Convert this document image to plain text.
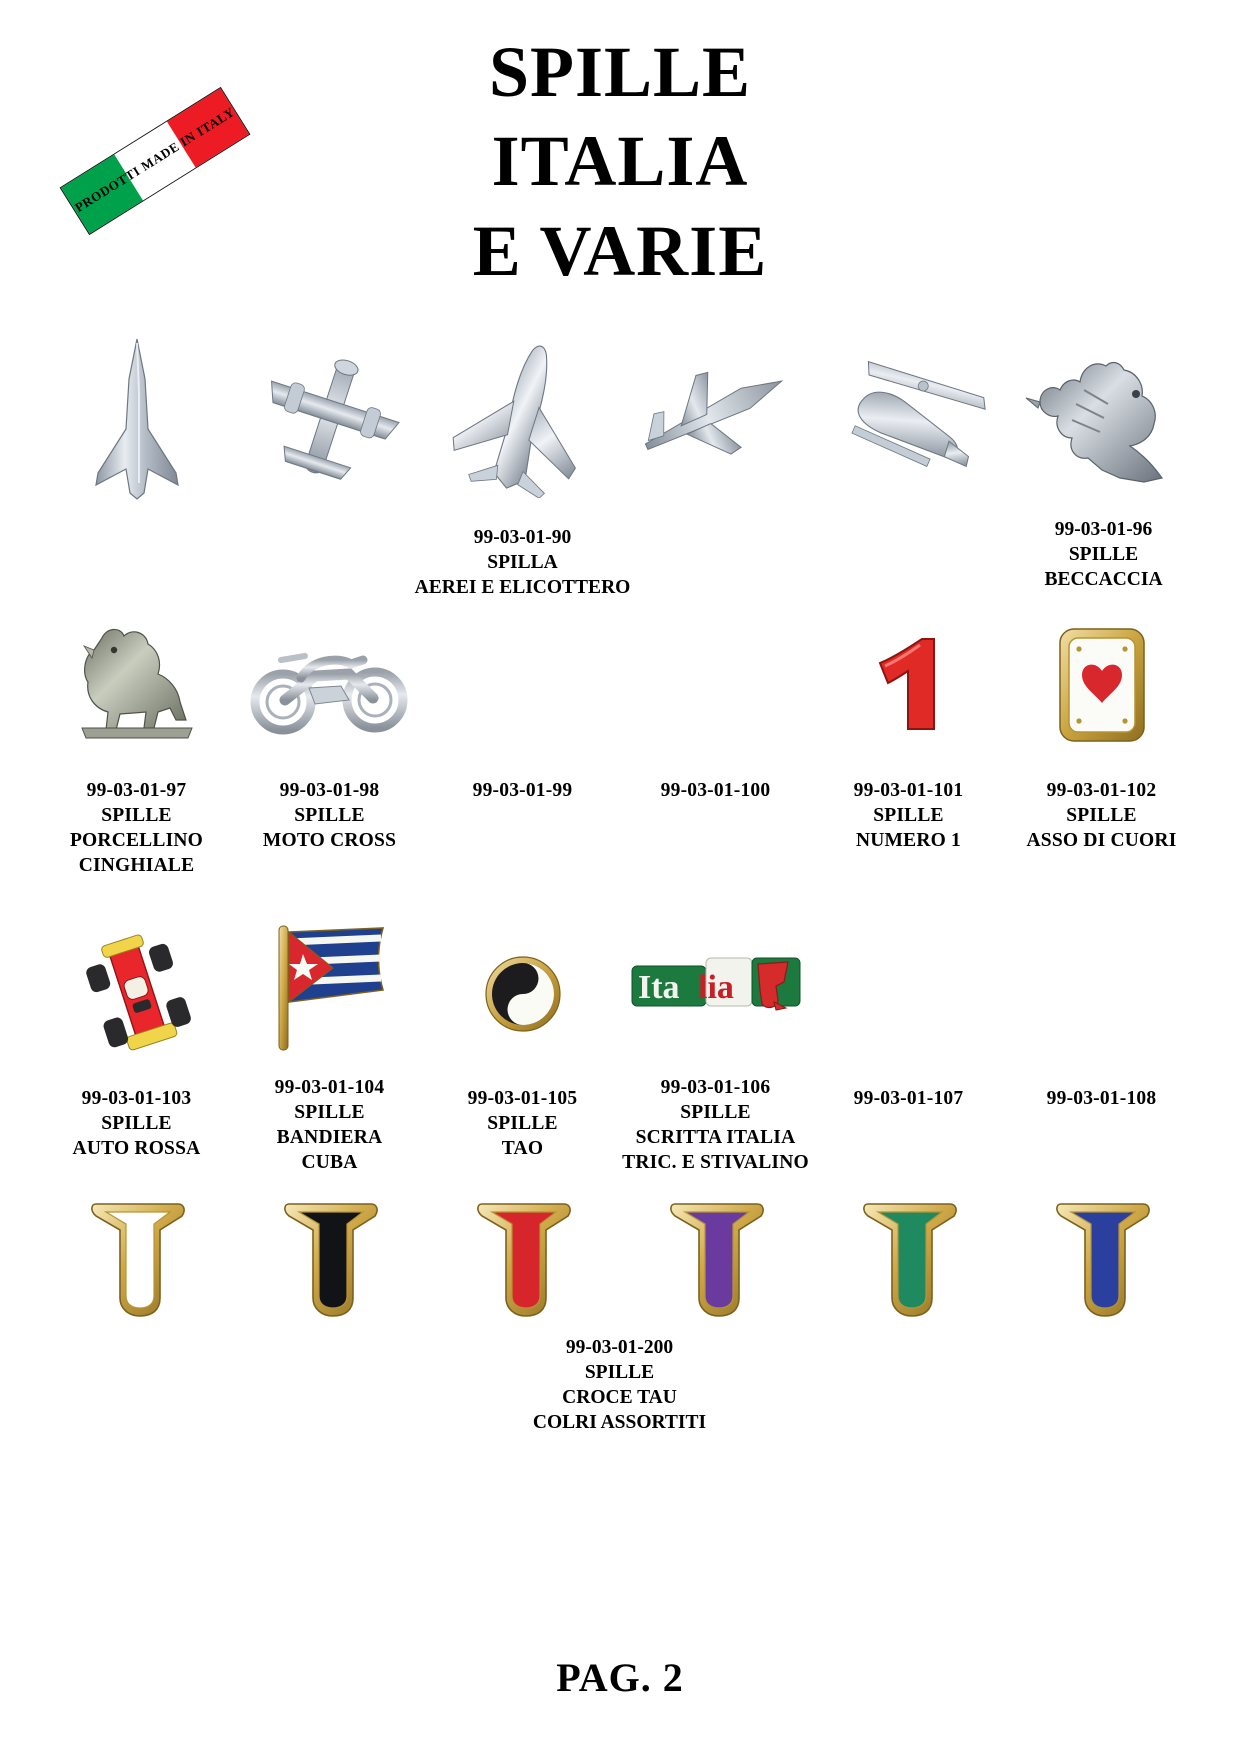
SPILLE
ITALIA
E VARIE
PRODOTTI MADE IN ITALY
99-03-01-90
SPILLA
AEREI E ELICOTTERO
99-03-01-96
SPILLE
BECCACCIA
99-03-01-97
SPILLE
PORCELLINO
CINGHIALE
99-03-01-98
SPILLE
MOTO CROSS
99-03-01-99	99-03-01-100	99-03-01-101
SPILLE
NUMERO 1
99-03-01-102
SPILLE
ASSO DI CUORI
99-03-01-103
SPILLE
AUTO ROSSA
99-03-01-104
SPILLE
BANDIERA
CUBA
99-03-01-105
SPILLE
TAO
Ita lia
99-03-01-106
SPILLE
SCRITTA ITALIA
TRIC. E STIVALINO
99-03-01-107	99-03-01-108
99-03-01-200
SPILLE
CROCE TAU
COLRI ASSORTITI
PAG. 2
